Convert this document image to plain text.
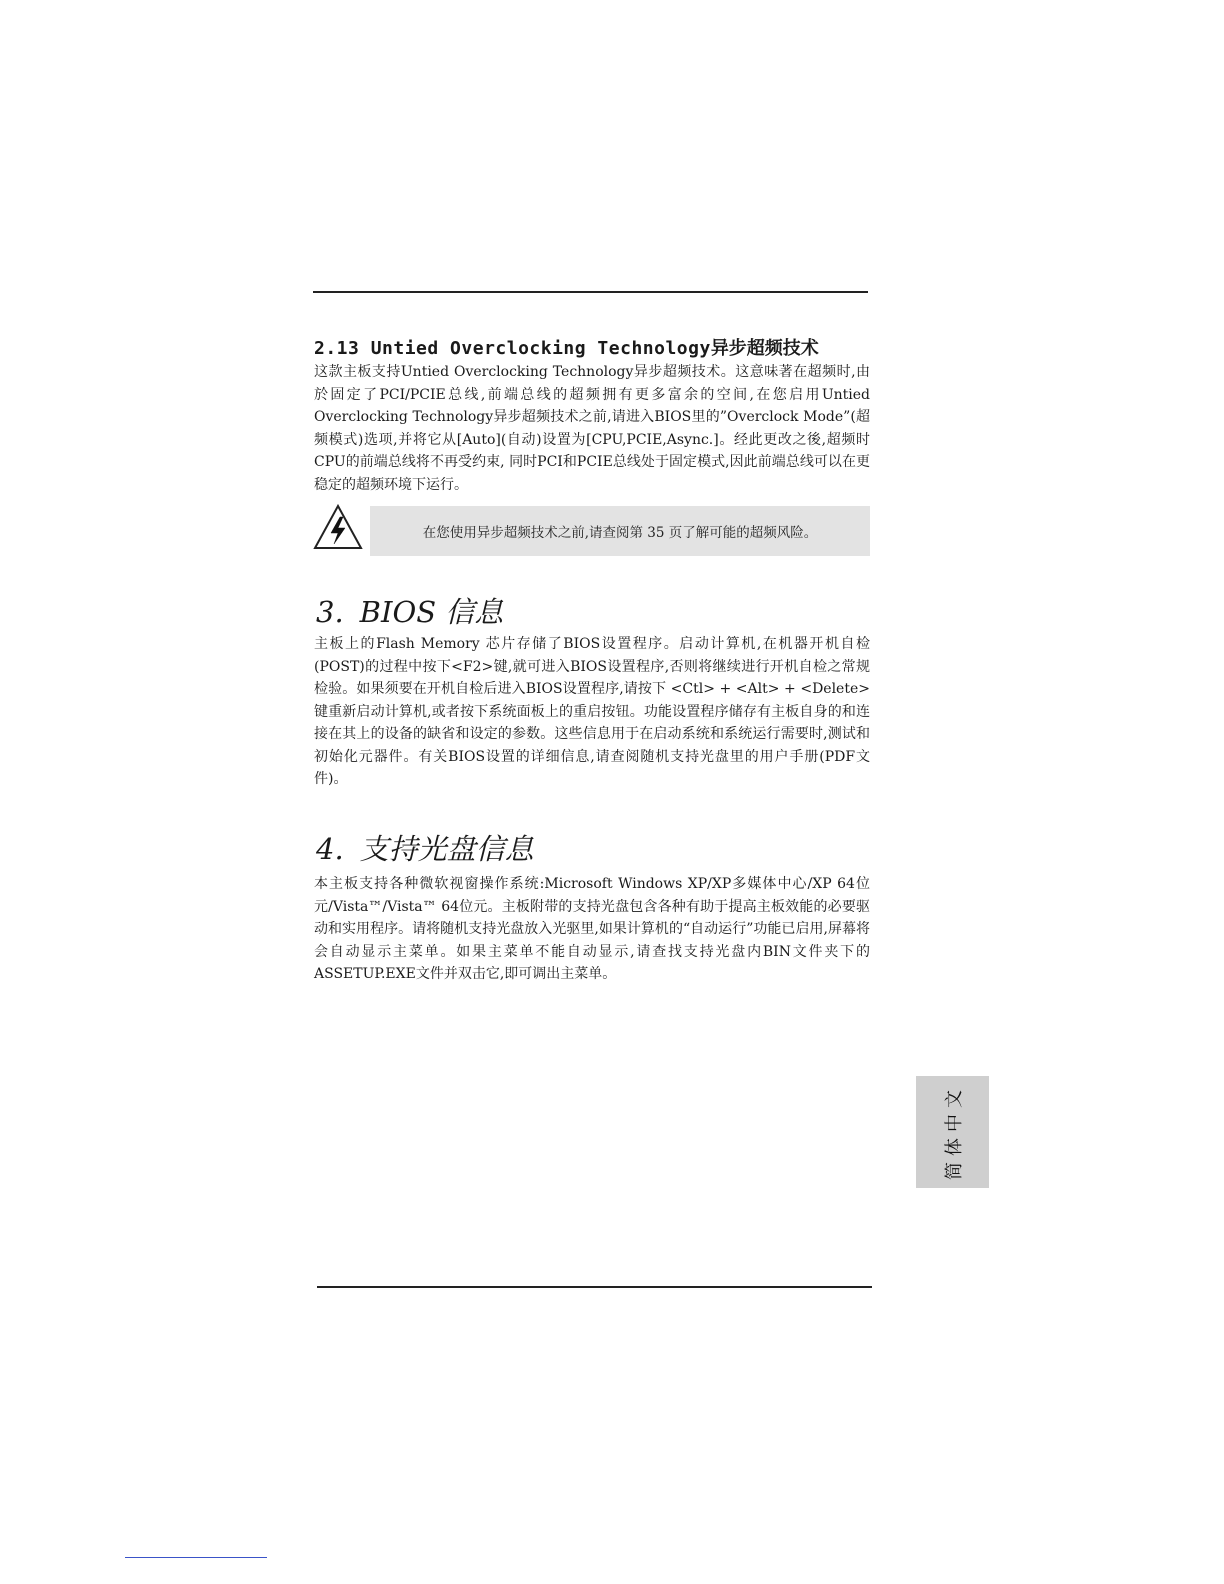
2.13 Untied Overclocking Technology异步超频技术
这款主板支持Untied Overclocking Technology异步超频技术。这意味著在超频时,由於固定了PCI/PCIE总线,前端总线的超频拥有更多富余的空间,在您启用Untied Overclocking Technology异步超频技术之前,请进入BIOS里的”Overclock Mode”(超频模式)选项,并将它从[Auto](自动)设置为[CPU,PCIE,Async.]。经此更改之後,超频时CPU的前端总线将不再受约束, 同时PCI和PCIE总线处于固定模式,因此前端总线可以在更稳定的超频环境下运行。
在您使用异步超频技术之前,请查阅第 35 页了解可能的超频风险。
3. BIOS 信息
主板上的Flash Memory 芯片存储了BIOS设置程序。启动计算机,在机器开机自检(POST)的过程中按下<F2>键,就可进入BIOS设置程序,否则将继续进行开机自检之常规检验。如果须要在开机自检后进入BIOS设置程序,请按下 <Ctl> + <Alt> + <Delete>键重新启动计算机,或者按下系统面板上的重启按钮。功能设置程序储存有主板自身的和连接在其上的设备的缺省和设定的参数。这些信息用于在启动系统和系统运行需要时,测试和初始化元器件。有关BIOS设置的详细信息,请查阅随机支持光盘里的用户手册(PDF文件)。
4. 支持光盘信息
本主板支持各种微软视窗操作系统:Microsoft Windows XP/XP多媒体中心/XP 64位元/Vista™/Vista™ 64位元。主板附带的支持光盘包含各种有助于提高主板效能的必要驱动和实用程序。请将随机支持光盘放入光驱里,如果计算机的“自动运行”功能已启用,屏幕将会自动显示主菜单。如果主菜单不能自动显示,请查找支持光盘内BIN文件夹下的ASSETUP.EXE文件并双击它,即可调出主菜单。
简体中文
